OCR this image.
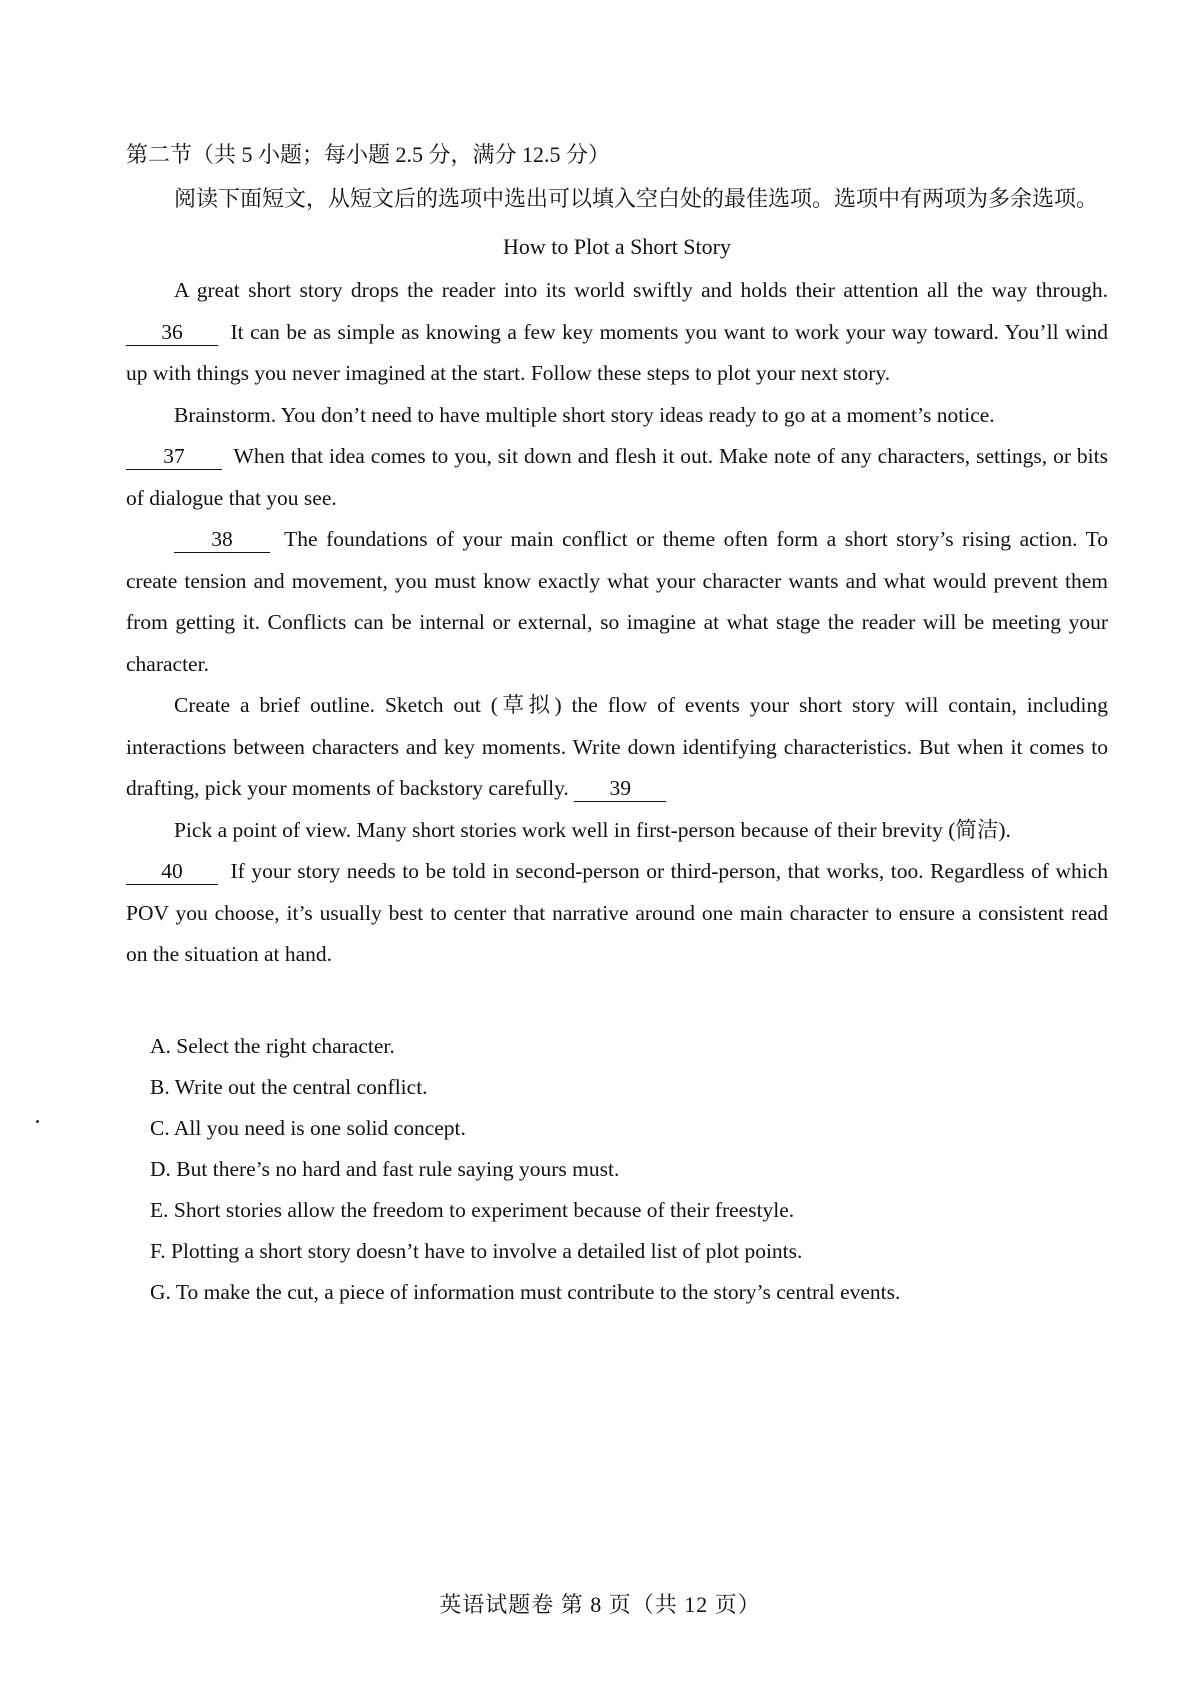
第二节（共 5 小题；每小题 2.5 分，满分 12.5 分）

阅读下面短文，从短文后的选项中选出可以填入空白处的最佳选项。选项中有两项为多余选项。

How to Plot a Short Story

A great short story drops the reader into its world swiftly and holds their attention all the way through. 36 It can be as simple as knowing a few key moments you want to work your way toward. You’ll wind up with things you never imagined at the start. Follow these steps to plot your next story.

Brainstorm. You don’t need to have multiple short story ideas ready to go at a moment’s notice.

37 When that idea comes to you, sit down and flesh it out. Make note of any characters, settings, or bits of dialogue that you see.

38 The foundations of your main conflict or theme often form a short story’s rising action. To create tension and movement, you must know exactly what your character wants and what would prevent them from getting it. Conflicts can be internal or external, so imagine at what stage the reader will be meeting your character.

Create a brief outline. Sketch out (草拟) the flow of events your short story will contain, including interactions between characters and key moments. Write down identifying characteristics. But when it comes to drafting, pick your moments of backstory carefully. 39

Pick a point of view. Many short stories work well in first-person because of their brevity (简洁).

40 If your story needs to be told in second-person or third-person, that works, too. Regardless of which POV you choose, it’s usually best to center that narrative around one main character to ensure a consistent read on the situation at hand.

A. Select the right character.

B. Write out the central conflict.

C. All you need is one solid concept.

D. But there’s no hard and fast rule saying yours must.

E. Short stories allow the freedom to experiment because of their freestyle.

F. Plotting a short story doesn’t have to involve a detailed list of plot points.

G. To make the cut, a piece of information must contribute to the story’s central events.

英语试题卷 第 8 页（共 12 页）
